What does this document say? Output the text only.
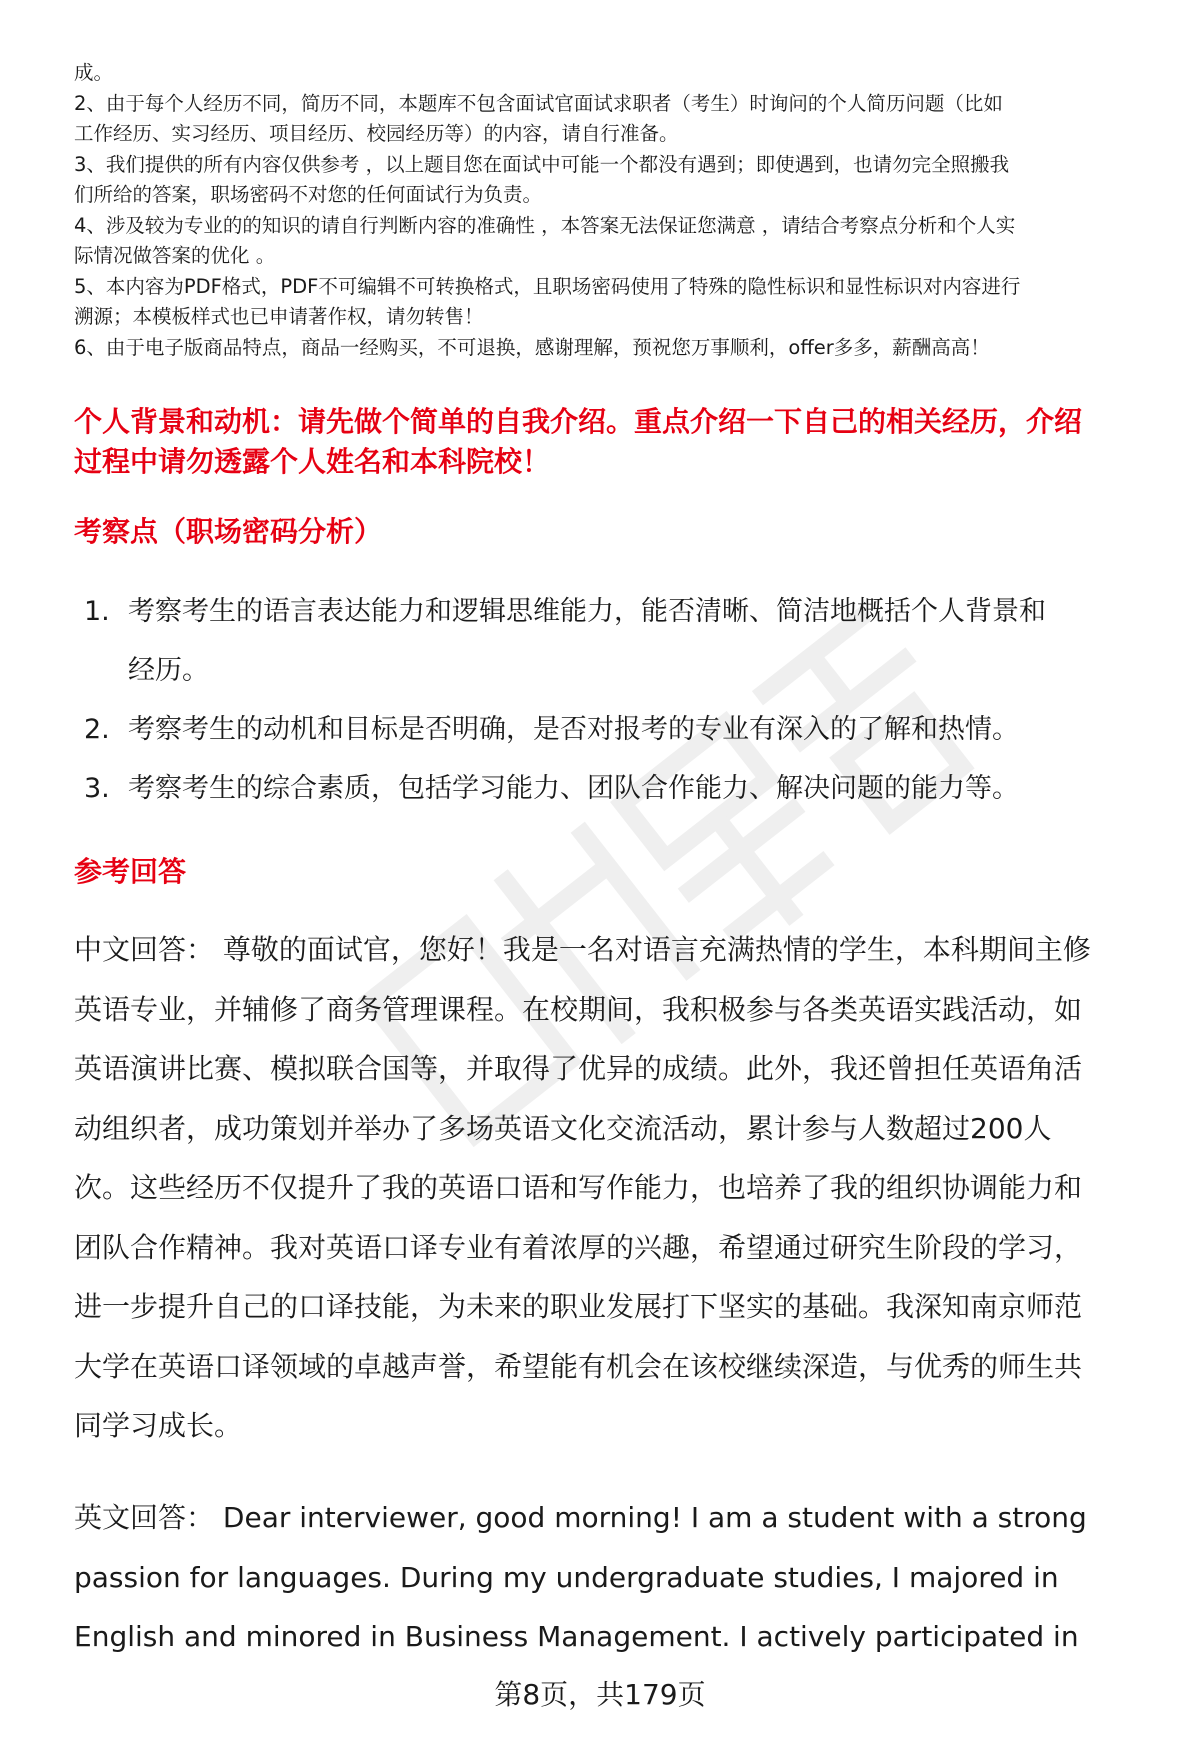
成。
2、由于每个人经历不同，简历不同，本题库不包含面试官面试求职者（考生）时询问的个人简历问题（比如
工作经历、实习经历、项目经历、校园经历等）的内容，请自行准备。
3、我们提供的所有内容仅供参考 ，以上题目您在面试中可能一个都没有遇到；即使遇到，也请勿完全照搬我
们所给的答案，职场密码不对您的任何面试行为负责。
4、涉及较为专业的的知识的请自行判断内容的准确性 ，本答案无法保证您满意 ，请结合考察点分析和个人实
际情况做答案的优化 。
5、本内容为PDF格式，PDF不可编辑不可转换格式，且职场密码使用了特殊的隐性标识和显性标识对内容进行
溯源；本模板样式也已申请著作权，请勿转售！
6、由于电子版商品特点，商品一经购买，不可退换，感谢理解，预祝您万事顺利，offer多多，薪酬高高！
个人背景和动机：请先做个简单的自我介绍。重点介绍一下自己的相关经历，介绍
过程中请勿透露个人姓名和本科院校！
考察点（职场密码分析）
1. 考察考生的语言表达能力和逻辑思维能力，能否清晰、简洁地概括个人背景和
经历。
2. 考察考生的动机和目标是否明确，是否对报考的专业有深入的了解和热情。
3. 考察考生的综合素质，包括学习能力、团队合作能力、解决问题的能力等。
参考回答
中文回答： 尊敬的面试官，您好！我是一名对语言充满热情的学生，本科期间主修
英语专业，并辅修了商务管理课程。在校期间，我积极参与各类英语实践活动，如
英语演讲比赛、模拟联合国等，并取得了优异的成绩。此外，我还曾担任英语角活
动组织者，成功策划并举办了多场英语文化交流活动，累计参与人数超过200人
次。这些经历不仅提升了我的英语口语和写作能力，也培养了我的组织协调能力和
团队合作精神。我对英语口译专业有着浓厚的兴趣，希望通过研究生阶段的学习，
进一步提升自己的口译技能，为未来的职业发展打下坚实的基础。我深知南京师范
大学在英语口译领域的卓越声誉，希望能有机会在该校继续深造，与优秀的师生共
同学习成长。
英文回答： Dear interviewer, good morning! I am a student with a strong
passion for languages. During my undergraduate studies, I majored in
English and minored in Business Management. I actively participated in
第8页，共179页
